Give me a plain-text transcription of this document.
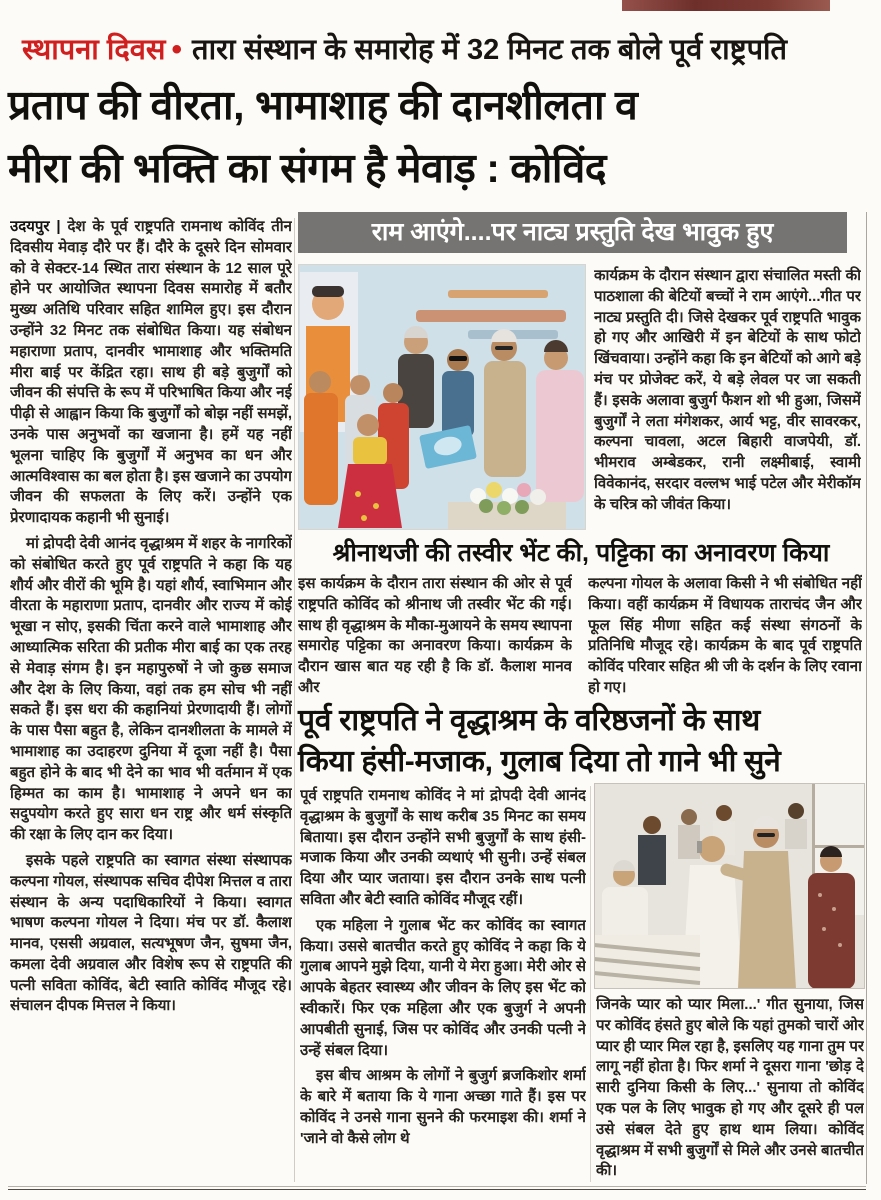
स्थापना दिवस • तारा संस्थान के समारोह में 32 मिनट तक बोले पूर्व राष्ट्रपति
प्रताप की वीरता, भामाशाह की दानशीलता व
मीरा की भक्ति का संगम है मेवाड़ : कोविंद

उदयपुर | देश के पूर्व राष्ट्रपति रामनाथ कोविंद तीन दिवसीय मेवाड़ दौरे पर हैं। दौरे के दूसरे दिन सोमवार को वे सेक्टर-14 स्थित तारा संस्थान के 12 साल पूरे होने पर आयोजित स्थापना दिवस समारोह में बतौर मुख्य अतिथि परिवार सहित शामिल हुए। इस दौरान उन्होंने 32 मिनट तक संबोधित किया। यह संबोधन महाराणा प्रताप, दानवीर भामाशाह और भक्तिमति मीरा बाई पर केंद्रित रहा। साथ ही बड़े बुजुर्गों को जीवन की संपत्ति के रूप में परिभाषित किया और नई पीढ़ी से आह्वान किया कि बुजुर्गों को बोझ नहीं समझें, उनके पास अनुभवों का खजाना है। हमें यह नहीं भूलना चाहिए कि बुजुर्गों में अनुभव का धन और आत्मविश्वास का बल होता है। इस खजाने का उपयोग जीवन की सफलता के लिए करें। उन्होंने एक प्रेरणादायक कहानी भी सुनाई।

मां द्रोपदी देवी आनंद वृद्धाश्रम में शहर के नागरिकों को संबोधित करते हुए पूर्व राष्ट्रपति ने कहा कि यह शौर्य और वीरों की भूमि है। यहां शौर्य, स्वाभिमान और वीरता के महाराणा प्रताप, दानवीर और राज्य में कोई भूखा न सोए, इसकी चिंता करने वाले भामाशाह और आध्यात्मिक सरिता की प्रतीक मीरा बाई का एक तरह से मेवाड़ संगम है। इन महापुरुषों ने जो कुछ समाज और देश के लिए किया, वहां तक हम सोच भी नहीं सकते हैं। इस धरा की कहानियां प्रेरणादायी हैं। लोगों के पास पैसा बहुत है, लेकिन दानशीलता के मामले में भामाशाह का उदाहरण दुनिया में दूजा नहीं है। पैसा बहुत होने के बाद भी देने का भाव भी वर्तमान में एक हिम्मत का काम है। भामाशाह ने अपने धन का सदुपयोग करते हुए सारा धन राष्ट्र और धर्म संस्कृति की रक्षा के लिए दान कर दिया।

इसके पहले राष्ट्रपति का स्वागत संस्था संस्थापक कल्पना गोयल, संस्थापक सचिव दीपेश मित्तल व तारा संस्थान के अन्य पदाधिकारियों ने किया। स्वागत भाषण कल्पना गोयल ने दिया। मंच पर डॉ. कैलाश मानव, एससी अग्रवाल, सत्यभूषण जैन, सुषमा जैन, कमला देवी अग्रवाल और विशेष रूप से राष्ट्रपति की पत्नी सविता कोविंद, बेटी स्वाति कोविंद मौजूद रहे। संचालन दीपक मित्तल ने किया।

राम आएंगे....पर नाट्य प्रस्तुति देख भावुक हुए

कार्यक्रम के दौरान संस्थान द्वारा संचालित मस्ती की पाठशाला की बेटियों बच्चों ने राम आएंगे...गीत पर नाट्य प्रस्तुति दी। जिसे देखकर पूर्व राष्ट्रपति भावुक हो गए और आखिरी में इन बेटियों के साथ फोटो खिंचवाया। उन्होंने कहा कि इन बेटियों को आगे बड़े मंच पर प्रोजेक्ट करें, ये बड़े लेवल पर जा सकती हैं। इसके अलावा बुजुर्ग फैशन शो भी हुआ, जिसमें बुजुर्गों ने लता मंगेशकर, आर्य भट्ट, वीर सावरकर, कल्पना चावला, अटल बिहारी वाजपेयी, डॉ. भीमराव अम्बेडकर, रानी लक्ष्मीबाई, स्वामी विवेकानंद, सरदार वल्लभ भाई पटेल और मेरीकॉम के चरित्र को जीवंत किया।

श्रीनाथजी की तस्वीर भेंट की, पट्टिका का अनावरण किया

इस कार्यक्रम के दौरान तारा संस्थान की ओर से पूर्व राष्ट्रपति कोविंद को श्रीनाथ जी तस्वीर भेंट की गई। साथ ही वृद्धाश्रम के मौका-मुआयने के समय स्थापना समारोह पट्टिका का अनावरण किया। कार्यक्रम के दौरान खास बात यह रही है कि डॉ. कैलाश मानव और

कल्पना गोयल के अलावा किसी ने भी संबोधित नहीं किया। वहीं कार्यक्रम में विधायक ताराचंद जैन और फूल सिंह मीणा सहित कई संस्था संगठनों के प्रतिनिधि मौजूद रहे। कार्यक्रम के बाद पूर्व राष्ट्रपति कोविंद परिवार सहित श्री जी के दर्शन के लिए रवाना हो गए।

पूर्व राष्ट्रपति ने वृद्धाश्रम के वरिष्ठजनों के साथ
किया हंसी-मजाक, गुलाब दिया तो गाने भी सुने

पूर्व राष्ट्रपति रामनाथ कोविंद ने मां द्रोपदी देवी आनंद वृद्धाश्रम के बुजुर्गों के साथ करीब 35 मिनट का समय बिताया। इस दौरान उन्होंने सभी बुजुर्गों के साथ हंसी-मजाक किया और उनकी व्यथाएं भी सुनी। उन्हें संबल दिया और प्यार जताया। इस दौरान उनके साथ पत्नी सविता और बेटी स्वाति कोविंद मौजूद रहीं।

एक महिला ने गुलाब भेंट कर कोविंद का स्वागत किया। उससे बातचीत करते हुए कोविंद ने कहा कि ये गुलाब आपने मुझे दिया, यानी ये मेरा हुआ। मेरी ओर से आपके बेहतर स्वास्थ्य और जीवन के लिए इस भेंट को स्वीकारें। फिर एक महिला और एक बुजुर्ग ने अपनी आपबीती सुनाई, जिस पर कोविंद और उनकी पत्नी ने उन्हें संबल दिया।

इस बीच आश्रम के लोगों ने बुजुर्ग ब्रजकिशोर शर्मा के बारे में बताया कि ये गाना अच्छा गाते हैं। इस पर कोविंद ने उनसे गाना सुनने की फरमाइश की। शर्मा ने 'जाने वो कैसे लोग थे

जिनके प्यार को प्यार मिला...' गीत सुनाया, जिस पर कोविंद हंसते हुए बोले कि यहां तुमको चारों ओर प्यार ही प्यार मिल रहा है, इसलिए यह गाना तुम पर लागू नहीं होता है। फिर शर्मा ने दूसरा गाना 'छोड़ दे सारी दुनिया किसी के लिए...' सुनाया तो कोविंद एक पल के लिए भावुक हो गए और दूसरे ही पल उसे संबल देते हुए हाथ थाम लिया। कोविंद वृद्धाश्रम में सभी बुजुर्गों से मिले और उनसे बातचीत की।
